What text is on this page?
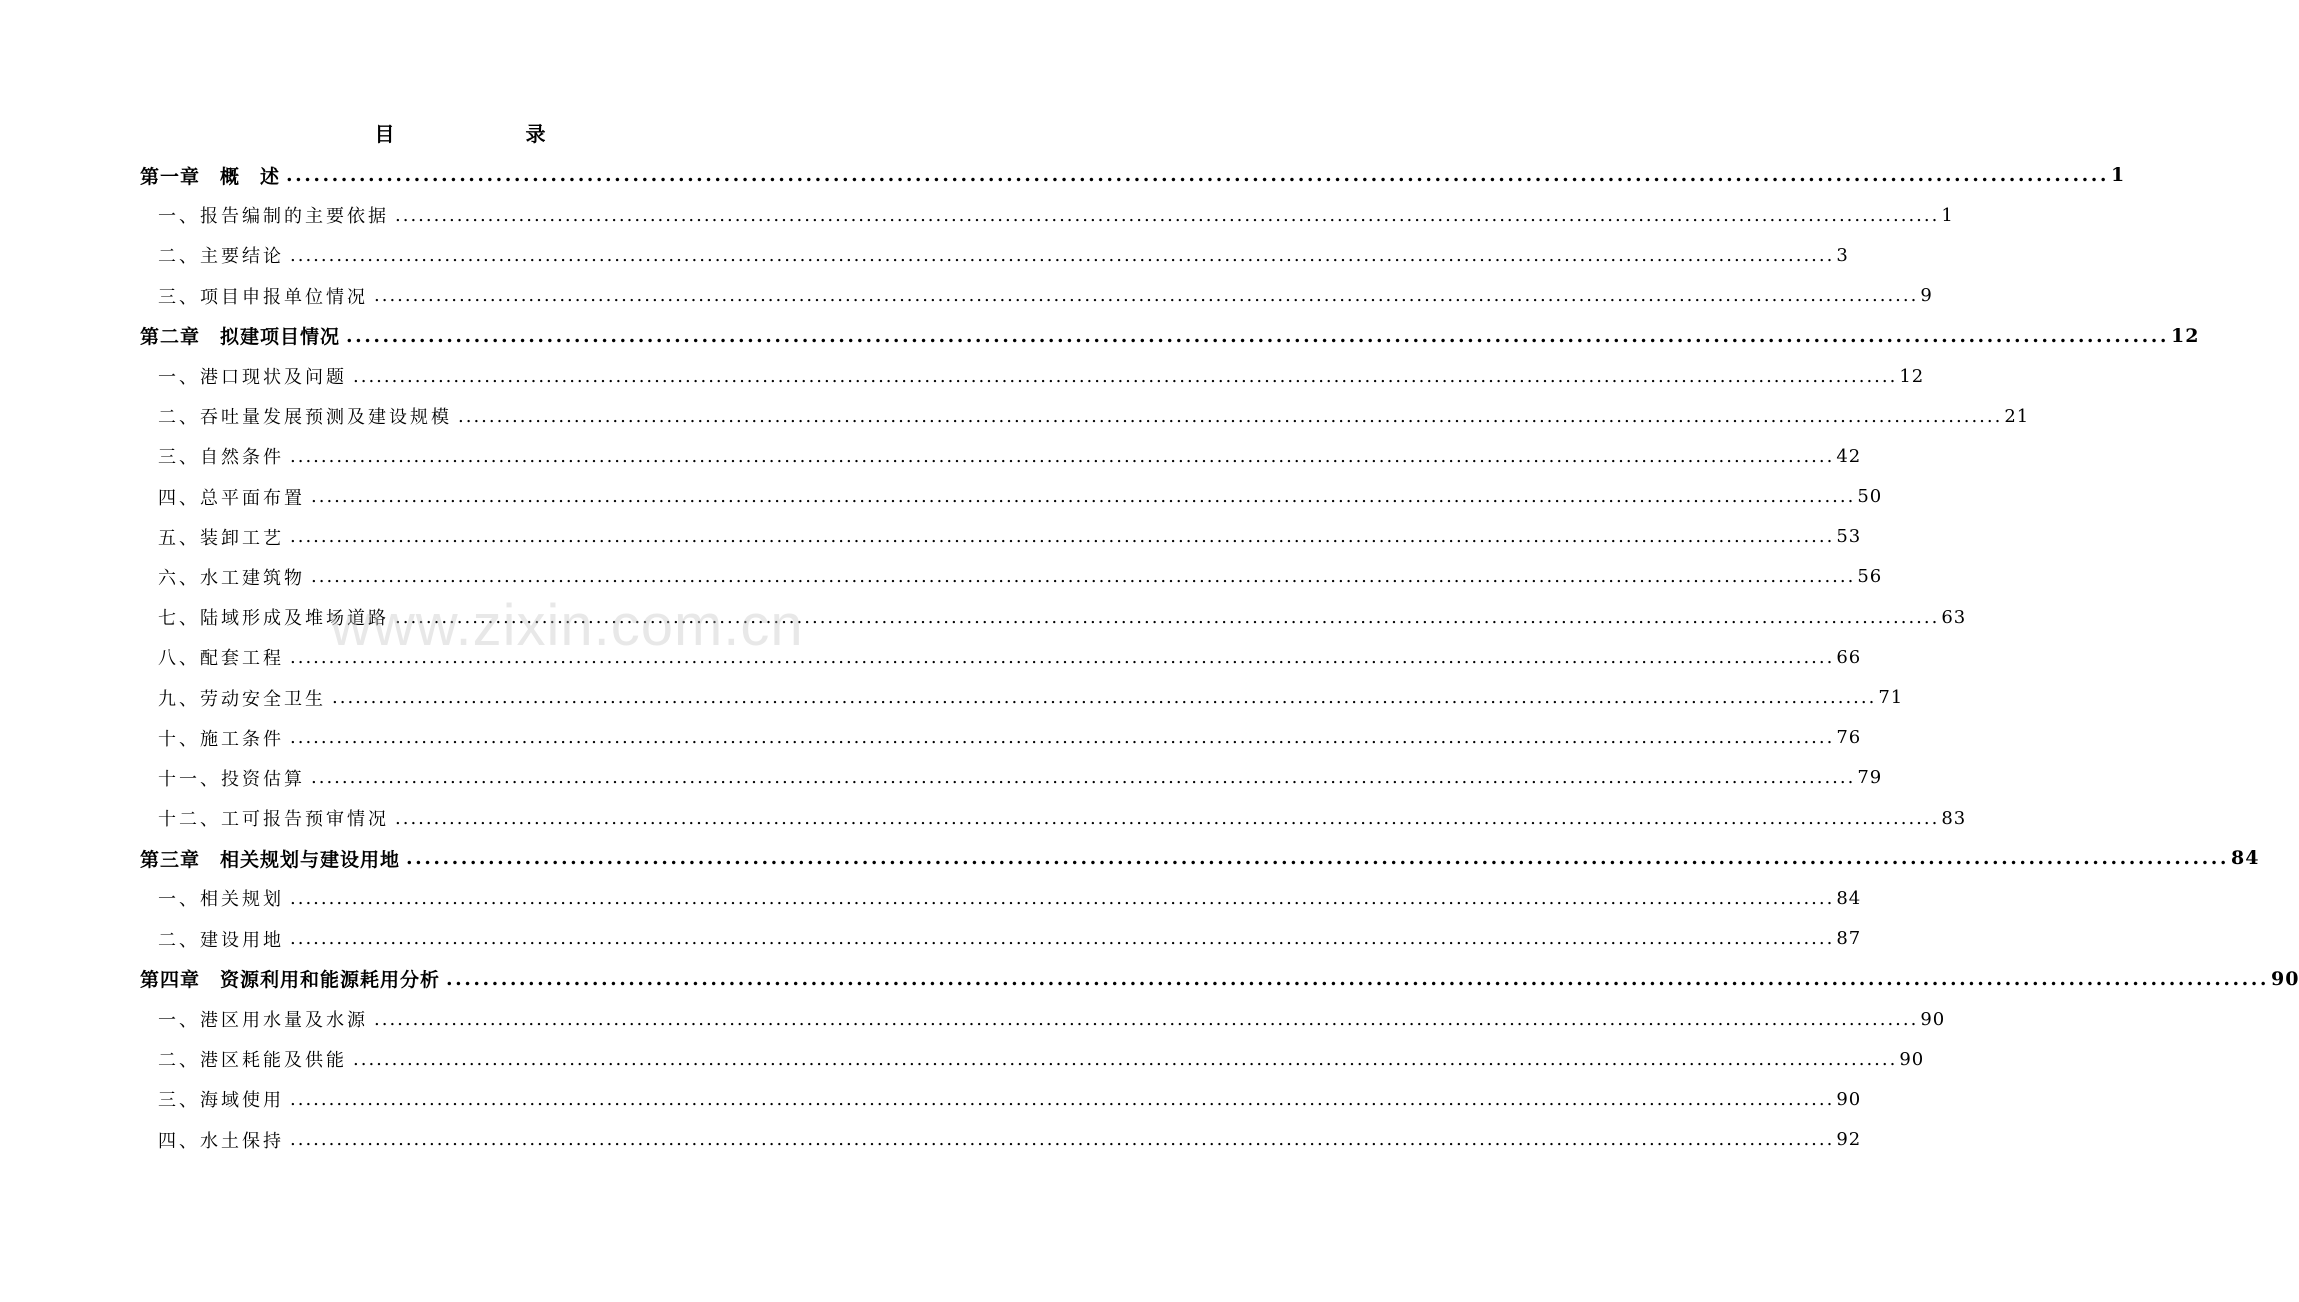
目 录
第一章　概　述 ........................................................................................................................................................................................................ 1
一、报告编制的主要依据 ........................................................................................................................................................................................................ 1
二、主要结论 ........................................................................................................................................................................................................ 3
三、项目申报单位情况 ........................................................................................................................................................................................................ 9
第二章　拟建项目情况 ........................................................................................................................................................................................................ 12
一、港口现状及问题 ........................................................................................................................................................................................................ 12
二、吞吐量发展预测及建设规模 ........................................................................................................................................................................................................ 21
三、自然条件 ........................................................................................................................................................................................................ 42
四、总平面布置 ........................................................................................................................................................................................................ 50
五、装卸工艺 ........................................................................................................................................................................................................ 53
六、水工建筑物 ........................................................................................................................................................................................................ 56
七、陆域形成及堆场道路 ........................................................................................................................................................................................................ 63
八、配套工程 ........................................................................................................................................................................................................ 66
九、劳动安全卫生 ........................................................................................................................................................................................................ 71
十、施工条件 ........................................................................................................................................................................................................ 76
十一、投资估算 ........................................................................................................................................................................................................ 79
十二、工可报告预审情况 ........................................................................................................................................................................................................ 83
第三章　相关规划与建设用地 ........................................................................................................................................................................................................ 84
一、相关规划 ........................................................................................................................................................................................................ 84
二、建设用地 ........................................................................................................................................................................................................ 87
第四章　资源利用和能源耗用分析 ........................................................................................................................................................................................................ 90
一、港区用水量及水源 ........................................................................................................................................................................................................ 90
二、港区耗能及供能 ........................................................................................................................................................................................................ 90
三、海域使用 ........................................................................................................................................................................................................ 90
四、水土保持 ........................................................................................................................................................................................................ 92
www.zixin.com.cn
